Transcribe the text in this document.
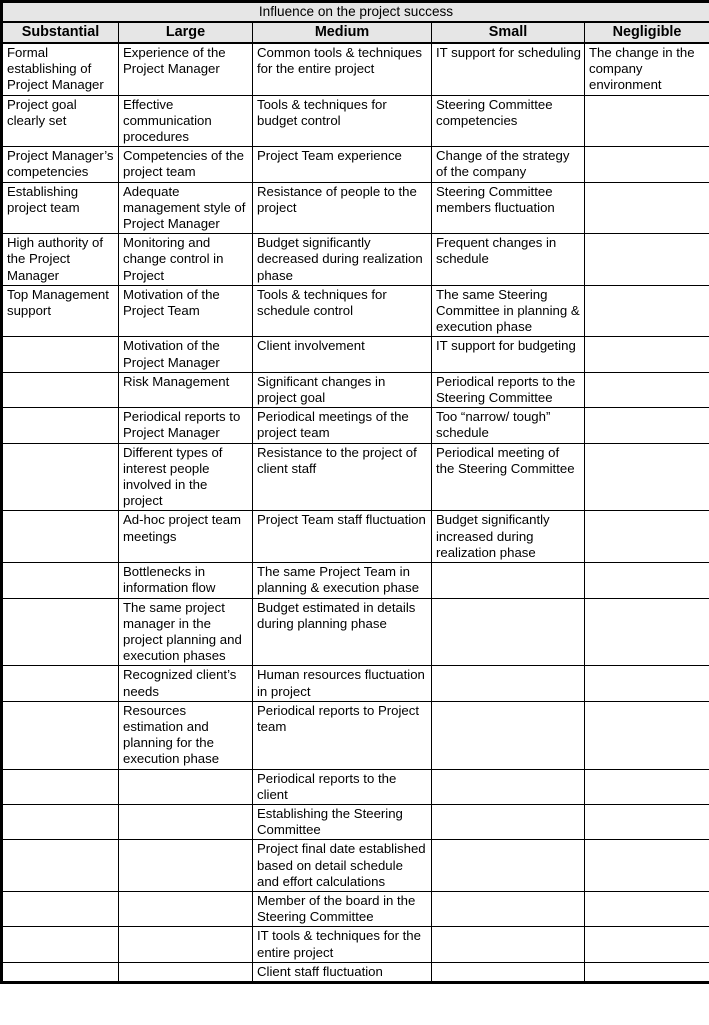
Influence on the project success				
Substantial	Large	Medium	Small	Negligible
Formal establishing of Project Manager	Experience of the Project Manager	Common tools & techniques for the entire project	IT support for scheduling	The change in the company environment
Project goal clearly set	Effective communication procedures	Tools & techniques for budget control	Steering Committee competencies	
Project Manager’s competencies	Competencies of the project team	Project Team experience	Change of the strategy of the company	
Establishing project team	Adequate management style of Project Manager	Resistance of people to the project	Steering Committee members fluctuation	
High authority of the Project Manager	Monitoring and change control in Project	Budget significantly decreased during realization phase	Frequent changes in schedule	
Top Management support	Motivation of the Project Team	Tools & techniques for schedule control	The same Steering Committee in planning & execution phase	
	Motivation of the Project Manager	Client involvement	IT support for budgeting	
	Risk Management	Significant changes in project goal	Periodical reports to the Steering Committee	
	Periodical reports to Project Manager	Periodical meetings of the project team	Too “narrow/ tough” schedule	
	Different types of interest people involved in the project	Resistance to the project of client staff	Periodical meeting of the Steering Committee	
	Ad-hoc project team meetings	Project Team staff fluctuation	Budget significantly increased during realization phase	
	Bottlenecks in information flow	The same Project Team in planning & execution phase		
	The same project manager in the project planning and execution phases	Budget estimated in details during planning phase		
	Recognized client’s needs	Human resources fluctuation in project		
	Resources estimation and planning for the execution phase	Periodical reports to Project team		
		Periodical reports to the client		
		Establishing the Steering Committee		
		Project final date established based on detail schedule and effort calculations		
		Member of the board in the Steering Committee		
		IT tools & techniques for the entire project		
		Client staff fluctuation		
